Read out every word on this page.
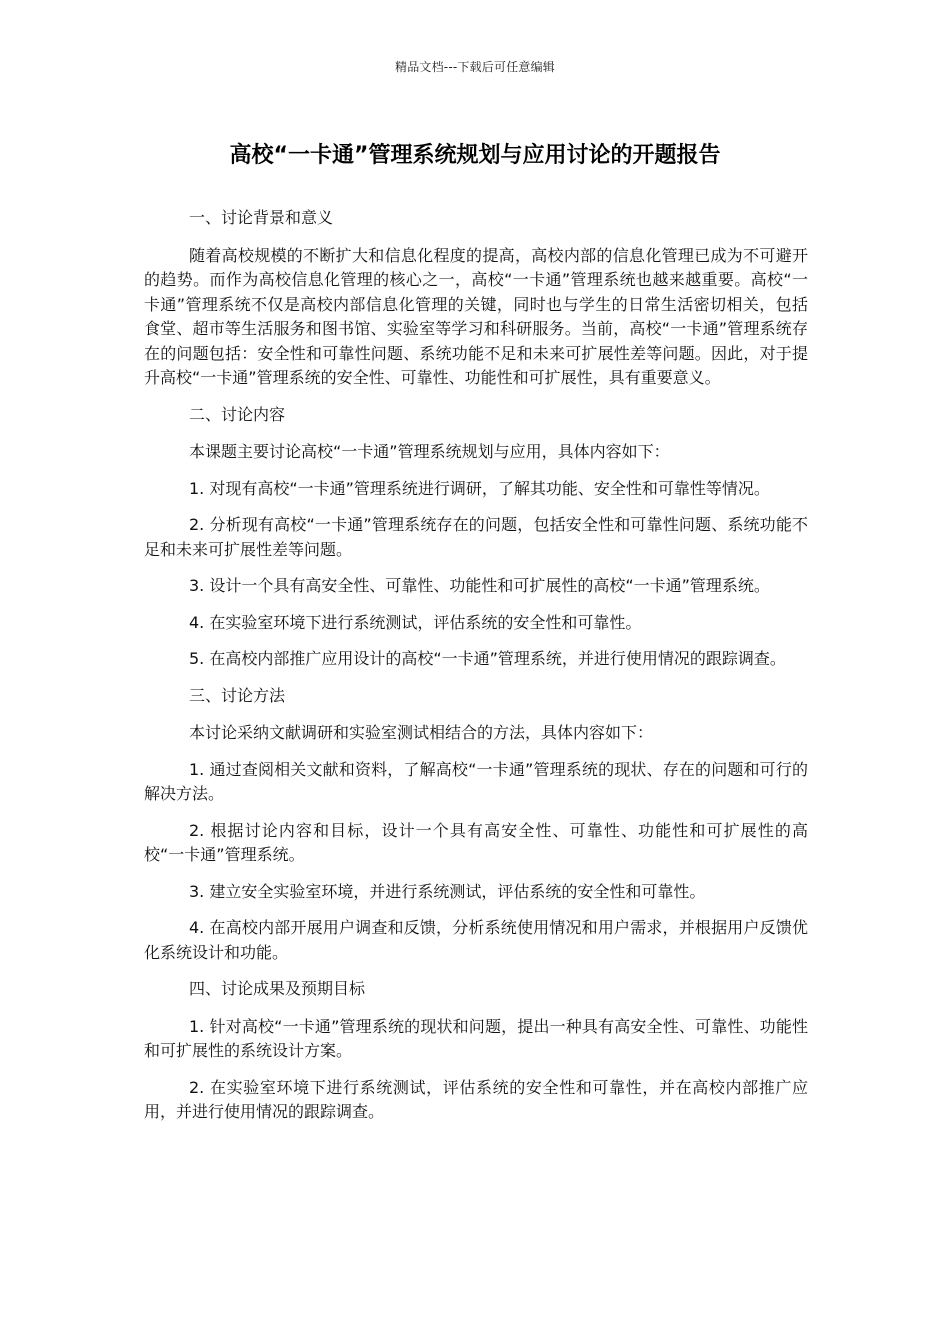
精品文档---下载后可任意编辑
高校“一卡通”管理系统规划与应用讨论的开题报告

一、讨论背景和意义

随着高校规模的不断扩大和信息化程度的提高，高校内部的信息化管理已成为不可避开的趋势。而作为高校信息化管理的核心之一，高校“一卡通”管理系统也越来越重要。高校“一卡通”管理系统不仅是高校内部信息化管理的关键，同时也与学生的日常生活密切相关，包括食堂、超市等生活服务和图书馆、实验室等学习和科研服务。当前，高校“一卡通”管理系统存在的问题包括：安全性和可靠性问题、系统功能不足和未来可扩展性差等问题。因此，对于提升高校“一卡通”管理系统的安全性、可靠性、功能性和可扩展性，具有重要意义。

二、讨论内容

本课题主要讨论高校“一卡通”管理系统规划与应用，具体内容如下：

1. 对现有高校“一卡通”管理系统进行调研，了解其功能、安全性和可靠性等情况。

2. 分析现有高校“一卡通”管理系统存在的问题，包括安全性和可靠性问题、系统功能不足和未来可扩展性差等问题。

3. 设计一个具有高安全性、可靠性、功能性和可扩展性的高校“一卡通”管理系统。

4. 在实验室环境下进行系统测试，评估系统的安全性和可靠性。

5. 在高校内部推广应用设计的高校“一卡通”管理系统，并进行使用情况的跟踪调查。

三、讨论方法

本讨论采纳文献调研和实验室测试相结合的方法，具体内容如下：

1. 通过查阅相关文献和资料，了解高校“一卡通”管理系统的现状、存在的问题和可行的解决方法。

2. 根据讨论内容和目标，设计一个具有高安全性、可靠性、功能性和可扩展性的高校“一卡通”管理系统。

3. 建立安全实验室环境，并进行系统测试，评估系统的安全性和可靠性。

4. 在高校内部开展用户调查和反馈，分析系统使用情况和用户需求，并根据用户反馈优化系统设计和功能。

四、讨论成果及预期目标

1. 针对高校“一卡通”管理系统的现状和问题，提出一种具有高安全性、可靠性、功能性和可扩展性的系统设计方案。

2. 在实验室环境下进行系统测试，评估系统的安全性和可靠性，并在高校内部推广应用，并进行使用情况的跟踪调查。
